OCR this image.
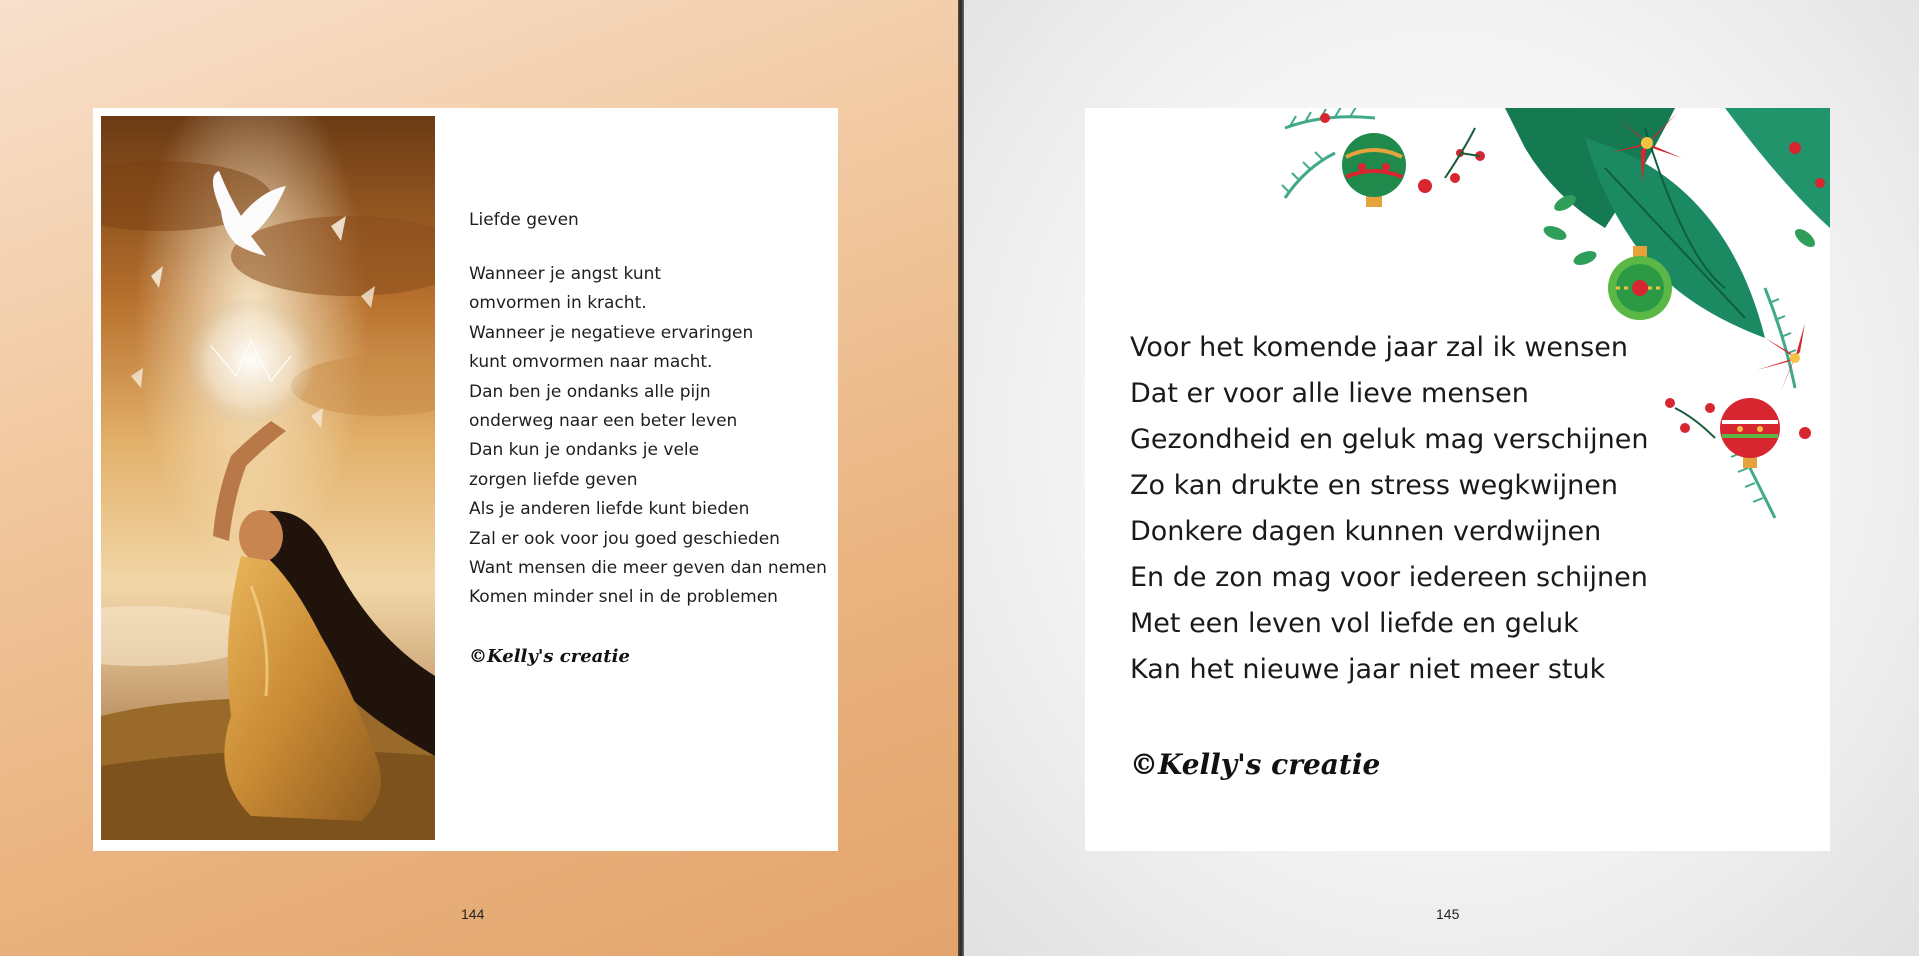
Liefde geven
Wanneer je angst kunt
omvormen in kracht.
Wanneer je negatieve ervaringen
kunt omvormen naar macht.
Dan ben je ondanks alle pijn
onderweg naar een beter leven
Dan kun je ondanks je vele
zorgen liefde geven
Als je anderen liefde kunt bieden
Zal er ook voor jou goed geschieden
Want mensen die meer geven dan nemen
Komen minder snel in de problemen
©Kelly's creatie
144
Voor het komende jaar zal ik wensen
Dat er voor alle lieve mensen
Gezondheid en geluk mag verschijnen
Zo kan drukte en stress wegkwijnen
Donkere dagen kunnen verdwijnen
En de zon mag voor iedereen schijnen
Met een leven vol liefde en geluk
Kan het nieuwe jaar niet meer stuk
©Kelly's creatie
145
